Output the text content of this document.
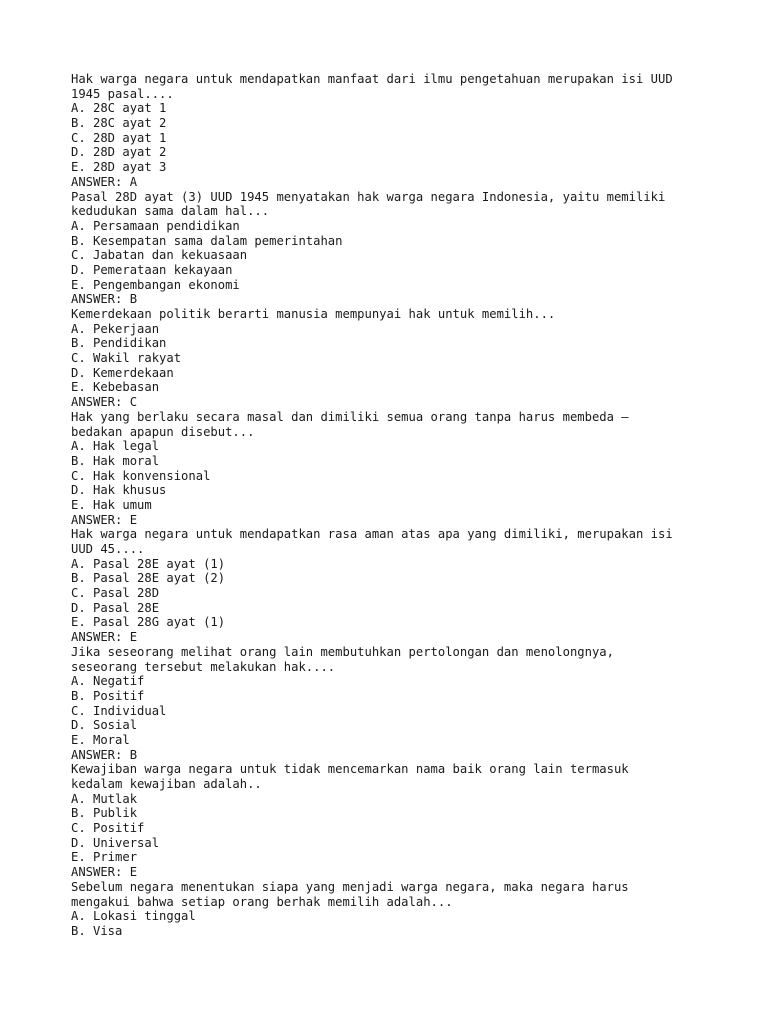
Hak warga negara untuk mendapatkan manfaat dari ilmu pengetahuan merupakan isi UUD
1945 pasal....
A. 28C ayat 1
B. 28C ayat 2
C. 28D ayat 1
D. 28D ayat 2
E. 28D ayat 3
ANSWER: A
Pasal 28D ayat (3) UUD 1945 menyatakan hak warga negara Indonesia, yaitu memiliki
kedudukan sama dalam hal...
A. Persamaan pendidikan
B. Kesempatan sama dalam pemerintahan
C. Jabatan dan kekuasaan
D. Pemerataan kekayaan
E. Pengembangan ekonomi
ANSWER: B
Kemerdekaan politik berarti manusia mempunyai hak untuk memilih...
A. Pekerjaan
B. Pendidikan
C. Wakil rakyat
D. Kemerdekaan
E. Kebebasan
ANSWER: C
Hak yang berlaku secara masal dan dimiliki semua orang tanpa harus membeda –
bedakan apapun disebut...
A. Hak legal
B. Hak moral
C. Hak konvensional
D. Hak khusus
E. Hak umum
ANSWER: E
Hak warga negara untuk mendapatkan rasa aman atas apa yang dimiliki, merupakan isi
UUD 45....
A. Pasal 28E ayat (1)
B. Pasal 28E ayat (2)
C. Pasal 28D
D. Pasal 28E
E. Pasal 28G ayat (1)
ANSWER: E
Jika seseorang melihat orang lain membutuhkan pertolongan dan menolongnya,
seseorang tersebut melakukan hak....
A. Negatif
B. Positif
C. Individual
D. Sosial
E. Moral
ANSWER: B
Kewajiban warga negara untuk tidak mencemarkan nama baik orang lain termasuk
kedalam kewajiban adalah..
A. Mutlak
B. Publik
C. Positif
D. Universal
E. Primer
ANSWER: E
Sebelum negara menentukan siapa yang menjadi warga negara, maka negara harus
mengakui bahwa setiap orang berhak memilih adalah...
A. Lokasi tinggal
B. Visa
